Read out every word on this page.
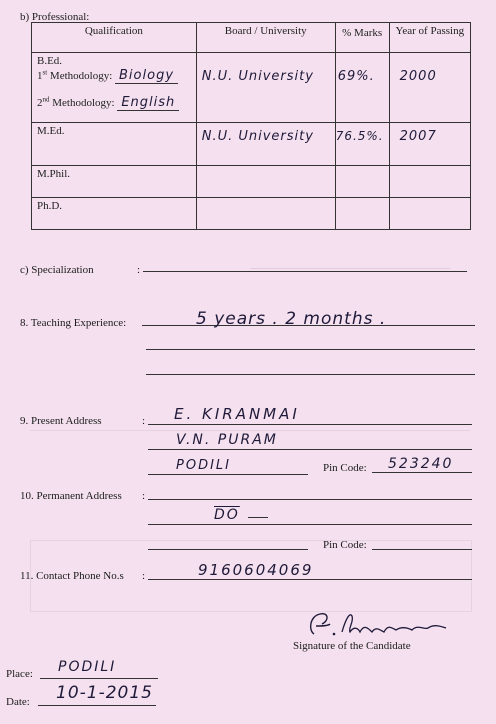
b) Professional:
Qualification	Board / University	% Marks	Year of Passing

B.Ed.
1st Methodology: Biology
2nd Methodology: English	N.U. University	69%.	2000
M.Ed.	N.U. University	76.5%.	2007
M.Phil.			
Ph.D.			
c) Specialization	:
8. Teaching Experience:	5 years . 2 months .
9. Present Address	: E. KIRANMAI
V.N. PURAM
PODILI	Pin Code: 523240
10. Permanent Address :
$\overline{DO}$
Pin Code:
11. Contact Phone No.s :	9160604069
Signature of the Candidate
Place: PODILI
Date: 10-1-2015
